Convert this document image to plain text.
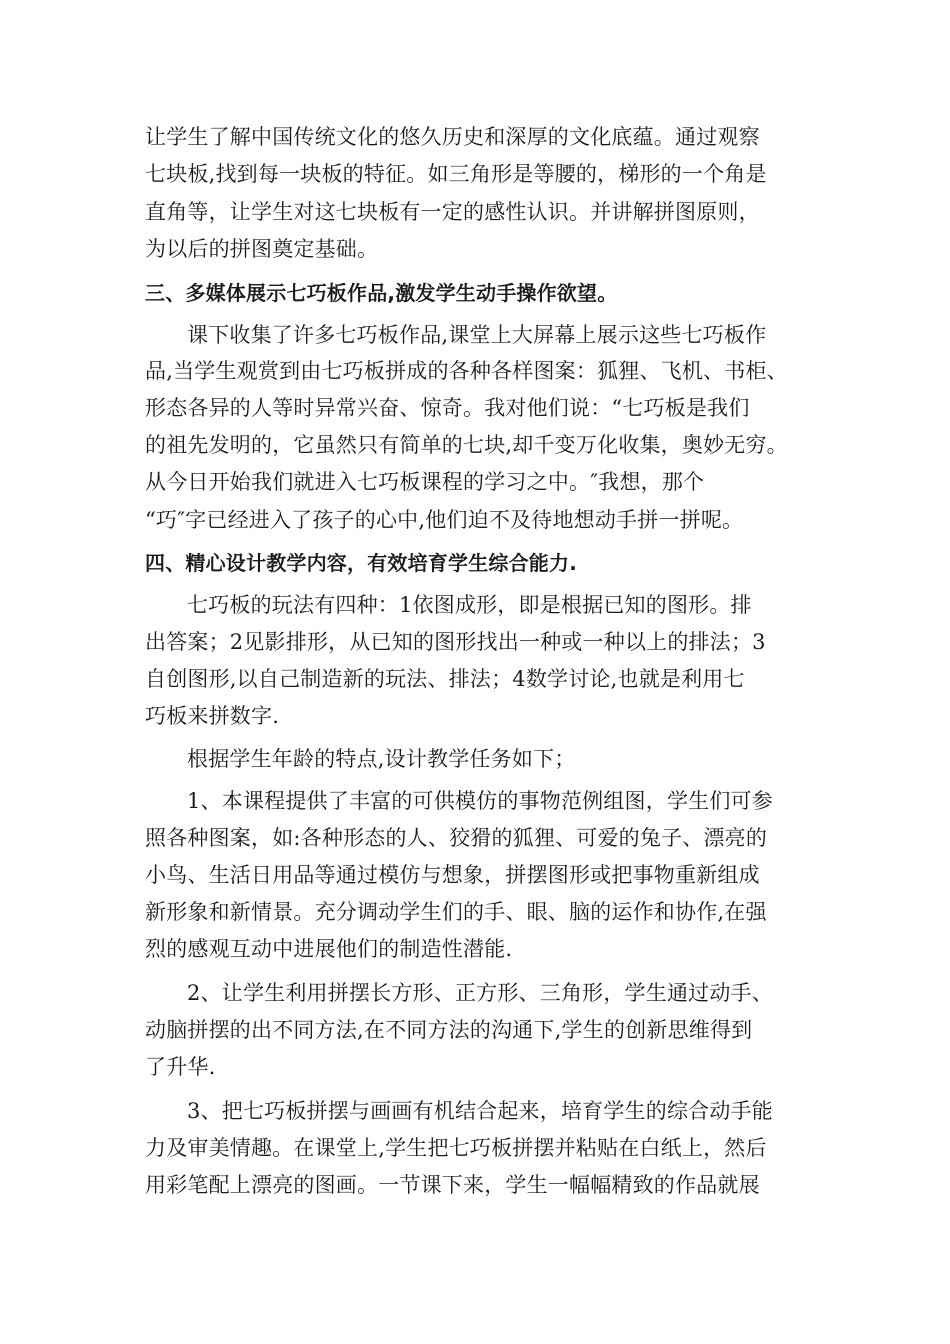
让学生了解中国传统文化的悠久历史和深厚的文化底蕴。通过观察
七块板,找到每一块板的特征。如三角形是等腰的，梯形的一个角是
直角等，让学生对这七块板有一定的感性认识。并讲解拼图原则，
为以后的拼图奠定基础。
三、多媒体展示七巧板作品,激发学生动手操作欲望。
课下收集了许多七巧板作品,课堂上大屏幕上展示这些七巧板作
品,当学生观赏到由七巧板拼成的各种各样图案：狐狸、飞机、书柜、
形态各异的人等时异常兴奋、惊奇。我对他们说：“七巧板是我们
的祖先发明的，它虽然只有简单的七块,却千变万化收集，奥妙无穷。
从今日开始我们就进入七巧板课程的学习之中。″我想，那个
“巧″字已经进入了孩子的心中,他们迫不及待地想动手拼一拼呢。
四、精心设计教学内容，有效培育学生综合能力.
七巧板的玩法有四种：1依图成形，即是根据已知的图形。排
出答案；2见影排形，从已知的图形找出一种或一种以上的排法；3
自创图形,以自己制造新的玩法、排法；4数学讨论,也就是利用七
巧板来拼数字.
根据学生年龄的特点,设计教学任务如下；
1、本课程提供了丰富的可供模仿的事物范例组图，学生们可参
照各种图案，如:各种形态的人、狡猾的狐狸、可爱的兔子、漂亮的
小鸟、生活日用品等通过模仿与想象，拼摆图形或把事物重新组成
新形象和新情景。充分调动学生们的手、眼、脑的运作和协作,在强
烈的感观互动中进展他们的制造性潜能.
2、让学生利用拼摆长方形、正方形、三角形，学生通过动手、
动脑拼摆的出不同方法,在不同方法的沟通下,学生的创新思维得到
了升华.
3、把七巧板拼摆与画画有机结合起来，培育学生的综合动手能
力及审美情趣。在课堂上,学生把七巧板拼摆并粘贴在白纸上，然后
用彩笔配上漂亮的图画。一节课下来，学生一幅幅精致的作品就展
